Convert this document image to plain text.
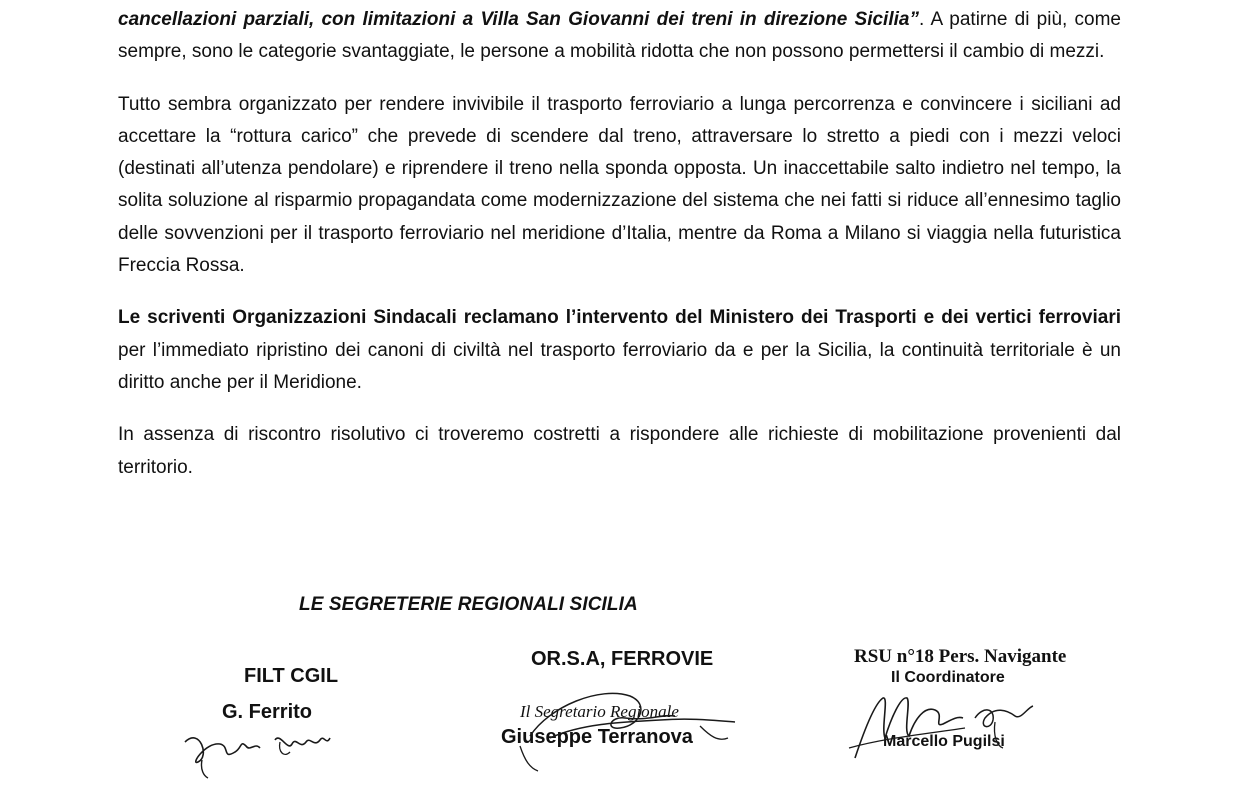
cancellazioni parziali, con limitazioni a Villa San Giovanni dei treni in direzione Sicilia”. A patirne di più, come sempre, sono le categorie svantaggiate, le persone a mobilità ridotta che non possono permettersi il cambio di mezzi.

Tutto sembra organizzato per rendere invivibile il trasporto ferroviario a lunga percorrenza e convincere i siciliani ad accettare la “rottura carico” che prevede di scendere dal treno, attraversare lo stretto a piedi con i mezzi veloci (destinati all’utenza pendolare) e riprendere il treno nella sponda opposta. Un inaccettabile salto indietro nel tempo, la solita soluzione al risparmio propagandata come modernizzazione del sistema che nei fatti si riduce all’ennesimo taglio delle sovvenzioni per il trasporto ferroviario nel meridione d’Italia, mentre da Roma a Milano si viaggia nella futuristica Freccia Rossa.

Le scriventi Organizzazioni Sindacali reclamano l’intervento del Ministero dei Trasporti e dei vertici ferroviari per l’immediato ripristino dei canoni di civiltà nel trasporto ferroviario da e per la Sicilia, la continuità territoriale è un diritto anche per il Meridione.

In assenza di riscontro risolutivo ci troveremo costretti a rispondere alle richieste di mobilitazione provenienti dal territorio.

LE SEGRETERIE REGIONALI SICILIA
FILT CGIL
G. Ferrito
OR.S.A, FERROVIE
Il Segretario Regionale
Giuseppe Terranova
RSU n°18 Pers. Navigante
Il Coordinatore
Marcello Pugilsi
